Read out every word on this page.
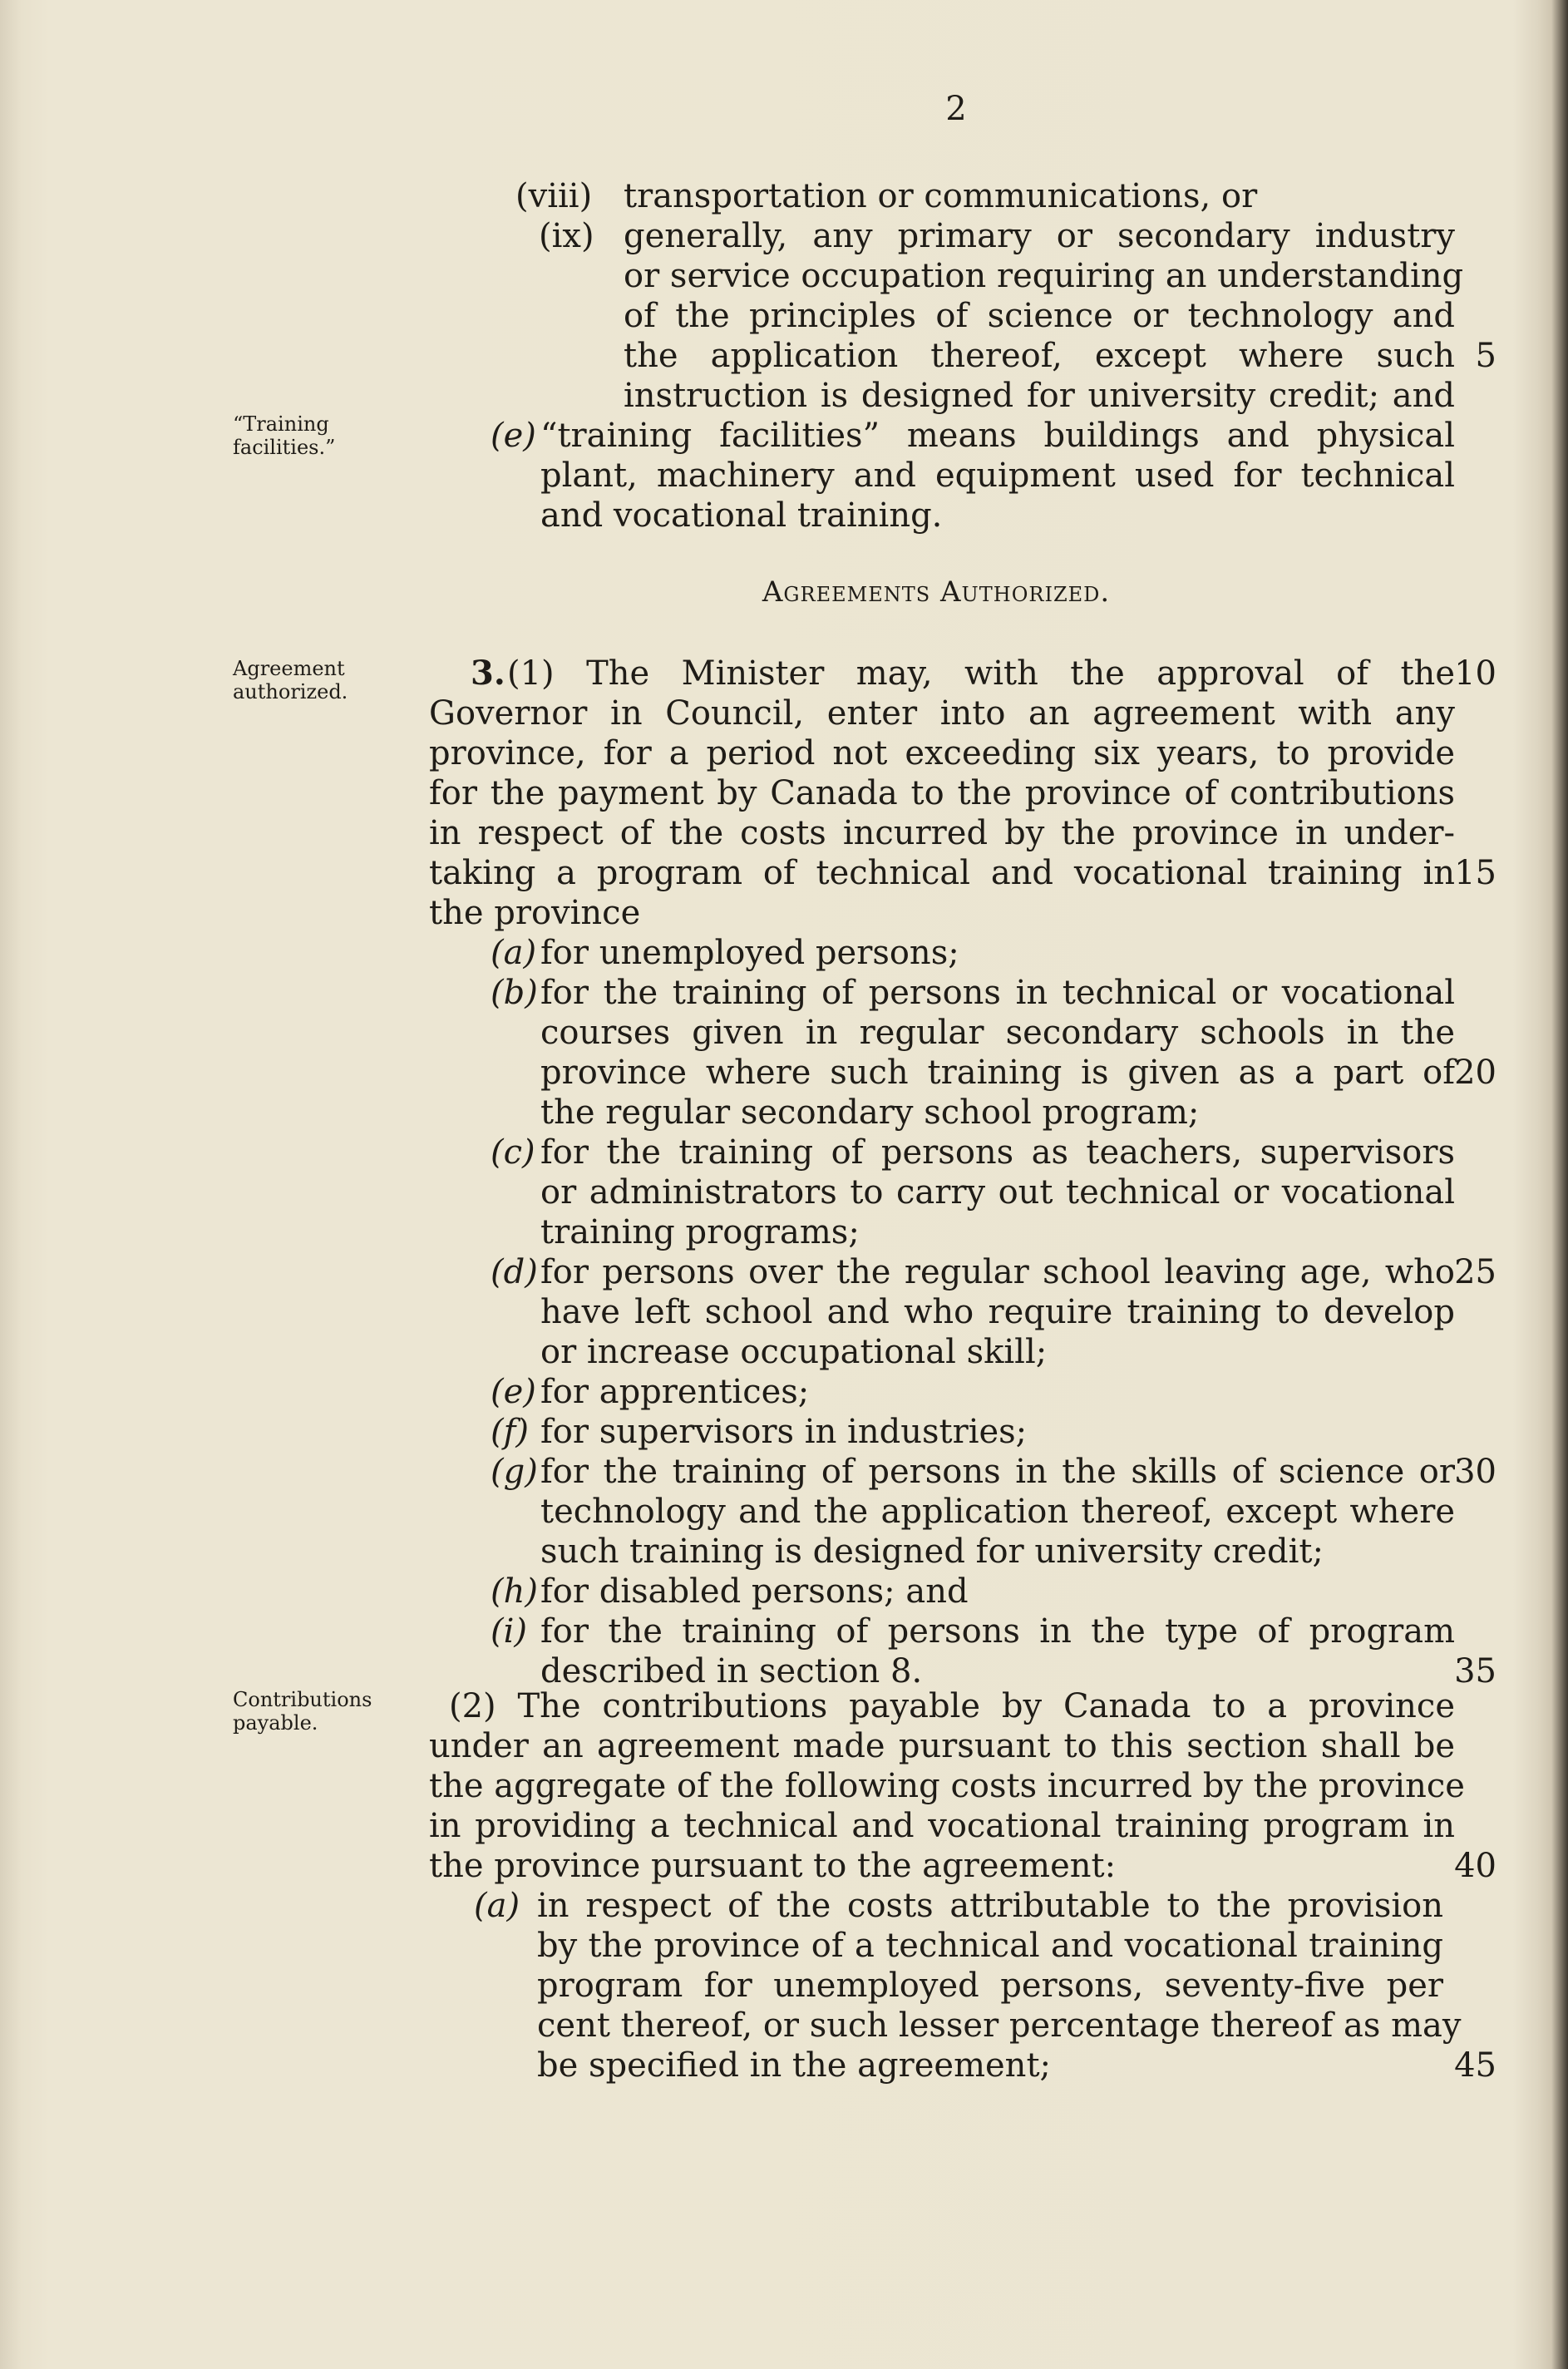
2
“Training
facilities.”
Agreement
authorized.
Contributions
payable.
(viii) transportation or communications, or
(ix) generally, any primary or secondary industry
or service occupation requiring an understanding
of the principles of science or technology and
the application thereof, except where such
instruction is designed for university credit; and
(e) “training facilities” means buildings and physical
plant, machinery and equipment used for technical
and vocational training.
Agreements Authorized.
3. (1) The Minister may, with the approval of the
Governor in Council, enter into an agreement with any
province, for a period not exceeding six years, to provide
for the payment by Canada to the province of contributions
in respect of the costs incurred by the province in under-
taking a program of technical and vocational training in
the province
(a) for unemployed persons;
(b) for the training of persons in technical or vocational
courses given in regular secondary schools in the
province where such training is given as a part of
the regular secondary school program;
(c) for the training of persons as teachers, supervisors
or administrators to carry out technical or vocational
training programs;
(d) for persons over the regular school leaving age, who
have left school and who require training to develop
or increase occupational skill;
(e) for apprentices;
(f) for supervisors in industries;
(g) for the training of persons in the skills of science or
technology and the application thereof, except where
such training is designed for university credit;
(h) for disabled persons; and
(i) for the training of persons in the type of program
described in section 8.
(2) The contributions payable by Canada to a province
under an agreement made pursuant to this section shall be
the aggregate of the following costs incurred by the province
in providing a technical and vocational training program in
the province pursuant to the agreement:
(a) in respect of the costs attributable to the provision
by the province of a technical and vocational training
program for unemployed persons, seventy-five per
cent thereof, or such lesser percentage thereof as may
be specified in the agreement;
5
10
15
20
25
30
35
40
45
